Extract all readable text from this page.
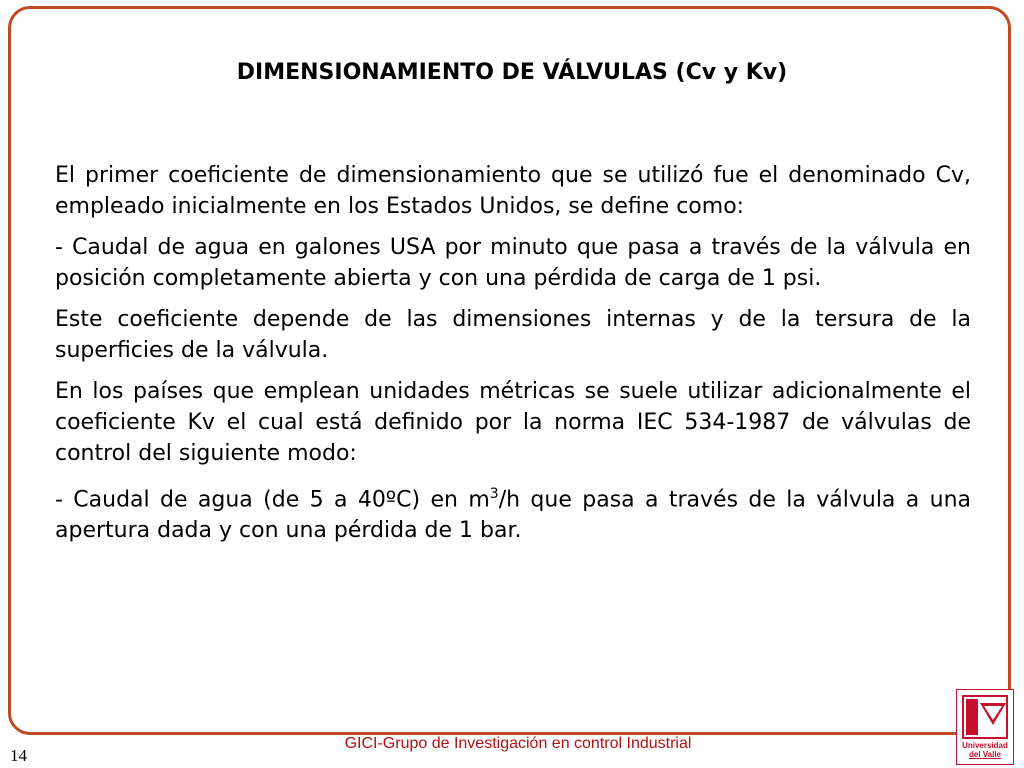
DIMENSIONAMIENTO DE VÁLVULAS (Cv y Kv)

El primer coeficiente de dimensionamiento que se utilizó fue el denominado Cv, empleado inicialmente en los Estados Unidos, se define como:

- Caudal de agua en galones USA por minuto que pasa a través de la válvula en posición completamente abierta y con una pérdida de carga de 1 psi.

Este coeficiente depende de las dimensiones internas y de la tersura de la superficies de la válvula.

En los países que emplean unidades métricas se suele utilizar adicionalmente el coeficiente Kv el cual está definido por la norma IEC 534-1987 de válvulas de control del siguiente modo:

- Caudal de agua (de 5 a 40ºC) en $m^3/h$ que pasa a través de la válvula a una apertura dada y con una pérdida de 1 bar.

GICI-Grupo de Investigación en control Industrial
14
Universidad
del Valle
